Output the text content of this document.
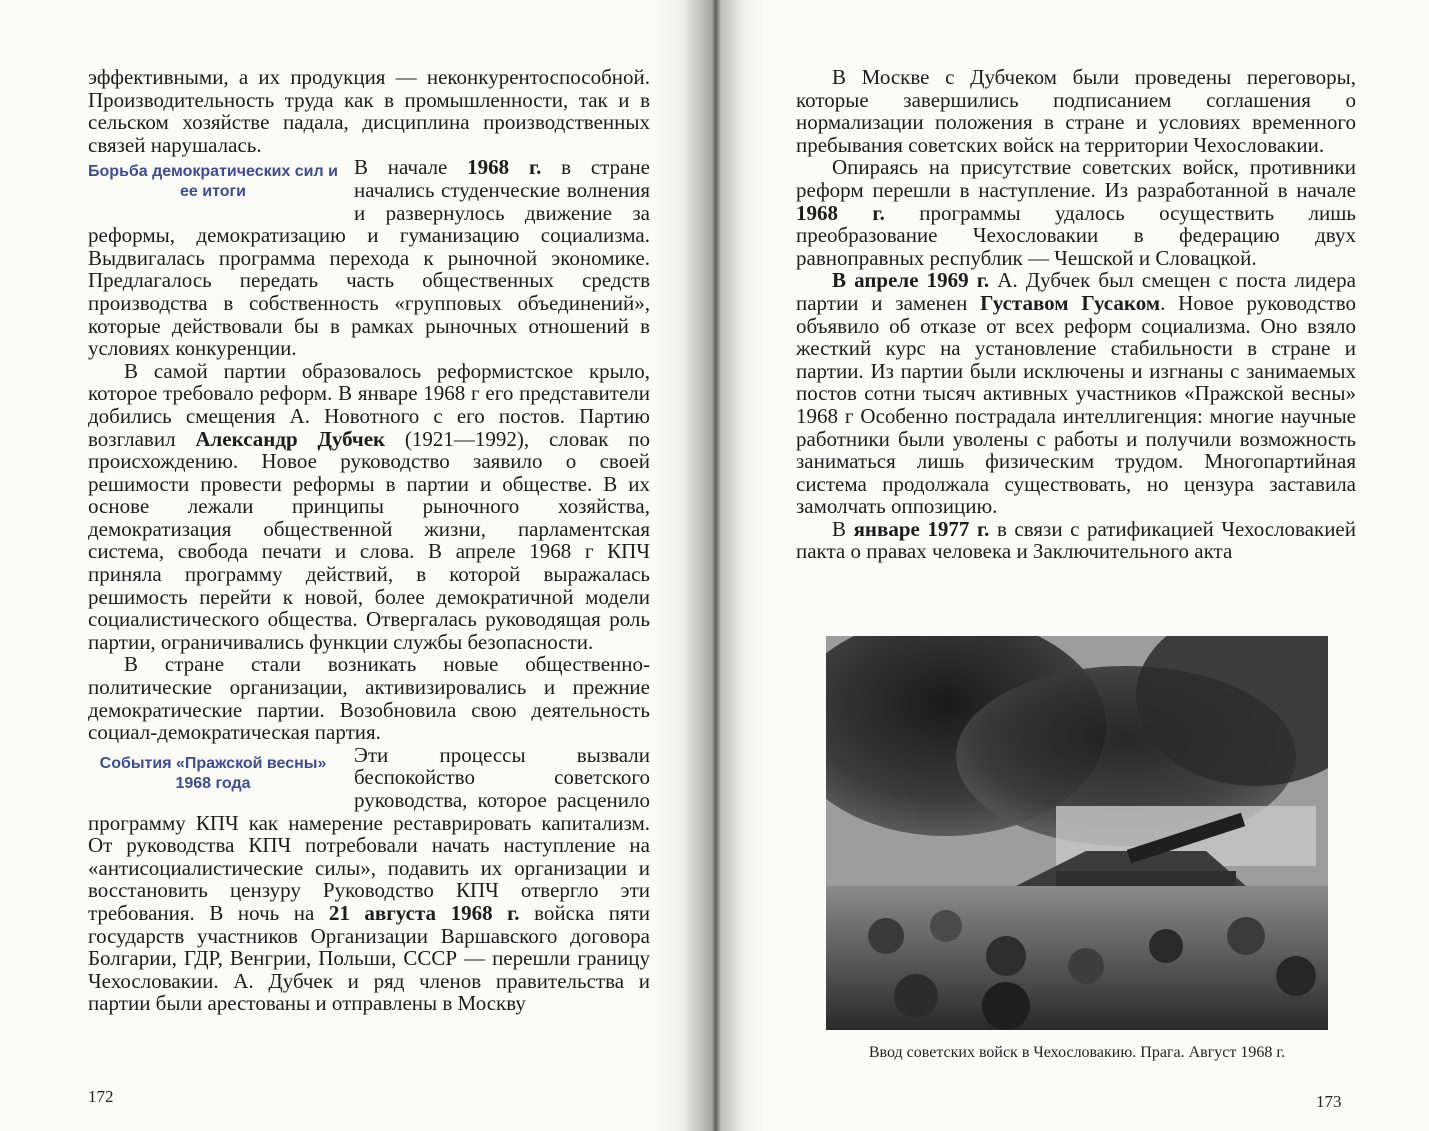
эффективными, а их продукция — неконкурентоспособной. Производительность труда как в промышленности, так и в сельском хозяйстве падала, дисциплина производственных связей нарушалась.

Борьба демократических сил и ее итоги

В начале 1968 г. в стране начались студенческие волнения и развернулось движение за реформы, демократизацию и гуманизацию социализма. Выдвигалась программа перехода к рыночной экономике. Предлагалось передать часть общественных средств производства в собственность «групповых объединений», которые действовали бы в рамках рыночных отношений в условиях конкуренции.

В самой партии образовалось реформистское крыло, которое требовало реформ. В январе 1968 г его представители добились смещения А. Новотного с его постов. Партию возглавил Александр Дубчек (1921—1992), словак по происхождению. Новое руководство заявило о своей решимости провести реформы в партии и обществе. В их основе лежали принципы рыночного хозяйства, демократизация общественной жизни, парламентская система, свобода печати и слова. В апреле 1968 г КПЧ приняла программу действий, в которой выражалась решимость перейти к новой, более демократичной модели социалистического общества. Отвергалась руководящая роль партии, ограничивались функции службы безопасности.

В стране стали возникать новые общественно-политические организации, активизировались и прежние демократические партии. Возобновила свою деятельность социал-демократическая партия.

События «Пражской весны» 1968 года

Эти процессы вызвали беспокойство советского руководства, которое расценило программу КПЧ как намерение реставрировать капитализм. От руководства КПЧ потребовали начать наступление на «антисоциалистические силы», подавить их организации и восстановить цензуру Руководство КПЧ отвергло эти требования. В ночь на 21 августа 1968 г. войска пяти государств участников Организации Варшавского договора Болгарии, ГДР, Венгрии, Польши, СССР — перешли границу Чехословакии. А. Дубчек и ряд членов правительства и партии были арестованы и отправлены в Москву

172

В Москве с Дубчеком были проведены переговоры, которые завершились подписанием соглашения о нормализации положения в стране и условиях временного пребывания советских войск на территории Чехословакии.

Опираясь на присутствие советских войск, противники реформ перешли в наступление. Из разработанной в начале 1968 г. программы удалось осуществить лишь преобразование Чехословакии в федерацию двух равноправных республик — Чешской и Словацкой.

В апреле 1969 г. А. Дубчек был смещен с поста лидера партии и заменен Густавом Гусаком. Новое руководство объявило об отказе от всех реформ социализма. Оно взяло жесткий курс на установление стабильности в стране и партии. Из партии были исключены и изгнаны с занимаемых постов сотни тысяч активных участников «Пражской весны» 1968 г Особенно пострадала интеллигенция: многие научные работники были уволены с работы и получили возможность заниматься лишь физическим трудом. Многопартийная система продолжала существовать, но цензура заставила замолчать оппозицию.

В январе 1977 г. в связи с ратификацией Чехословакией пакта о правах человека и Заключительного акта

Ввод советских войск в Чехословакию. Прага. Август 1968 г.
173
